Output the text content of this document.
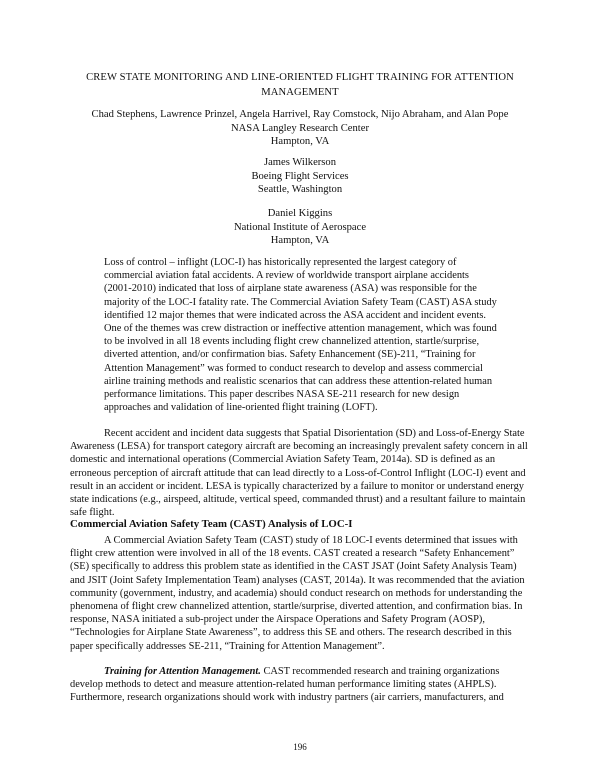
CREW STATE MONITORING AND LINE-ORIENTED FLIGHT TRAINING FOR ATTENTION MANAGEMENT
Chad Stephens, Lawrence Prinzel, Angela Harrivel, Ray Comstock, Nijo Abraham, and Alan Pope
NASA Langley Research Center
Hampton, VA
James Wilkerson
Boeing Flight Services
Seattle, Washington
Daniel Kiggins
National Institute of Aerospace
Hampton, VA

Loss of control – inflight (LOC-I) has historically represented the largest category of commercial aviation fatal accidents. A review of worldwide transport airplane accidents (2001-2010) indicated that loss of airplane state awareness (ASA) was responsible for the majority of the LOC-I fatality rate. The Commercial Aviation Safety Team (CAST) ASA study identified 12 major themes that were indicated across the ASA accident and incident events. One of the themes was crew distraction or ineffective attention management, which was found to be involved in all 18 events including flight crew channelized attention, startle/surprise, diverted attention, and/or confirmation bias. Safety Enhancement (SE)-211, “Training for Attention Management” was formed to conduct research to develop and assess commercial airline training methods and realistic scenarios that can address these attention-related human performance limitations. This paper describes NASA SE-211 research for new design approaches and validation of line-oriented flight training (LOFT).

Recent accident and incident data suggests that Spatial Disorientation (SD) and Loss-of-Energy State Awareness (LESA) for transport category aircraft are becoming an increasingly prevalent safety concern in all domestic and international operations (Commercial Aviation Safety Team, 2014a). SD is defined as an erroneous perception of aircraft attitude that can lead directly to a Loss-of-Control Inflight (LOC-I) event and result in an accident or incident. LESA is typically characterized by a failure to monitor or understand energy state indications (e.g., airspeed, altitude, vertical speed, commanded thrust) and a resultant failure to maintain safe flight.

Commercial Aviation Safety Team (CAST) Analysis of LOC-I

A Commercial Aviation Safety Team (CAST) study of 18 LOC-I events determined that issues with flight crew attention were involved in all of the 18 events. CAST created a research “Safety Enhancement” (SE) specifically to address this problem state as identified in the CAST JSAT (Joint Safety Analysis Team) and JSIT (Joint Safety Implementation Team) analyses (CAST, 2014a). It was recommended that the aviation community (government, industry, and academia) should conduct research on methods for understanding the phenomena of flight crew channelized attention, startle/surprise, diverted attention, and confirmation bias. In response, NASA initiated a sub-project under the Airspace Operations and Safety Program (AOSP), “Technologies for Airplane State Awareness”, to address this SE and others. The research described in this paper specifically addresses SE-211, “Training for Attention Management”.

Training for Attention Management. CAST recommended research and training organizations develop methods to detect and measure attention-related human performance limiting states (AHPLS). Furthermore, research organizations should work with industry partners (air carriers, manufacturers, and

196
